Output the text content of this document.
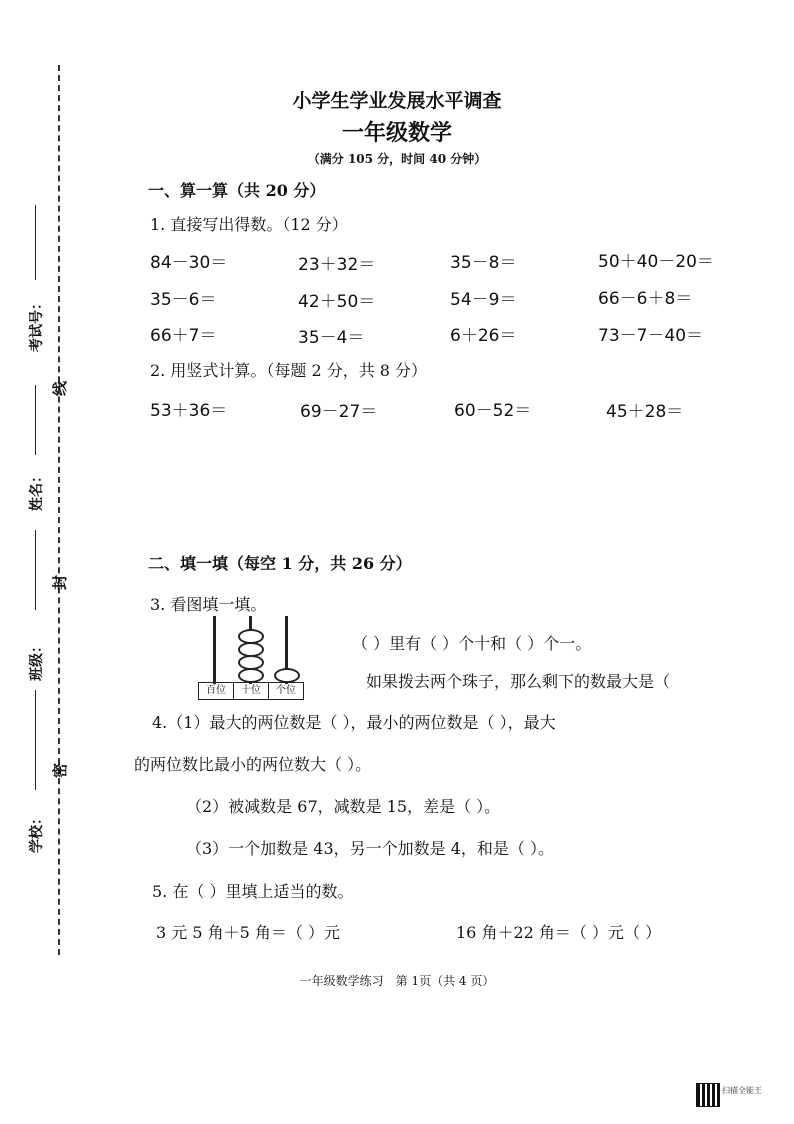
线
封
密
考试号：
姓名：
班级：
学校：
小学生学业发展水平调查
一年级数学
（满分 105 分，时间 40 分钟）
一、算一算（共 20 分）
1. 直接写出得数。（12 分）
84－30＝	23＋32＝	35－8＝	50＋40－20＝
35－6＝	42＋50＝	54－9＝	66－6＋8＝
66＋7＝	35－4＝	6＋26＝	73－7－40＝
2. 用竖式计算。（每题 2 分，共 8 分）
53＋36＝	69－27＝	60－52＝	45＋28＝
二、填一填（每空 1 分，共 26 分）
3. 看图填一填。
百位	十位	个位
（ ）里有（ ）个十和（ ）个一。
如果拨去两个珠子，那么剩下的数最大是（
4.（1）最大的两位数是（ ），最小的两位数是（ ），最大
的两位数比最小的两位数大（ ）。
（2）被减数是 67，减数是 15，差是（ ）。
（3）一个加数是 43，另一个加数是 4，和是（ ）。
5. 在（ ）里填上适当的数。
3 元 5 角＋5 角＝（ ）元	16 角＋22 角＝（ ）元（ ）
一年级数学练习　第 1页（共 4 页）
扫描全能王
